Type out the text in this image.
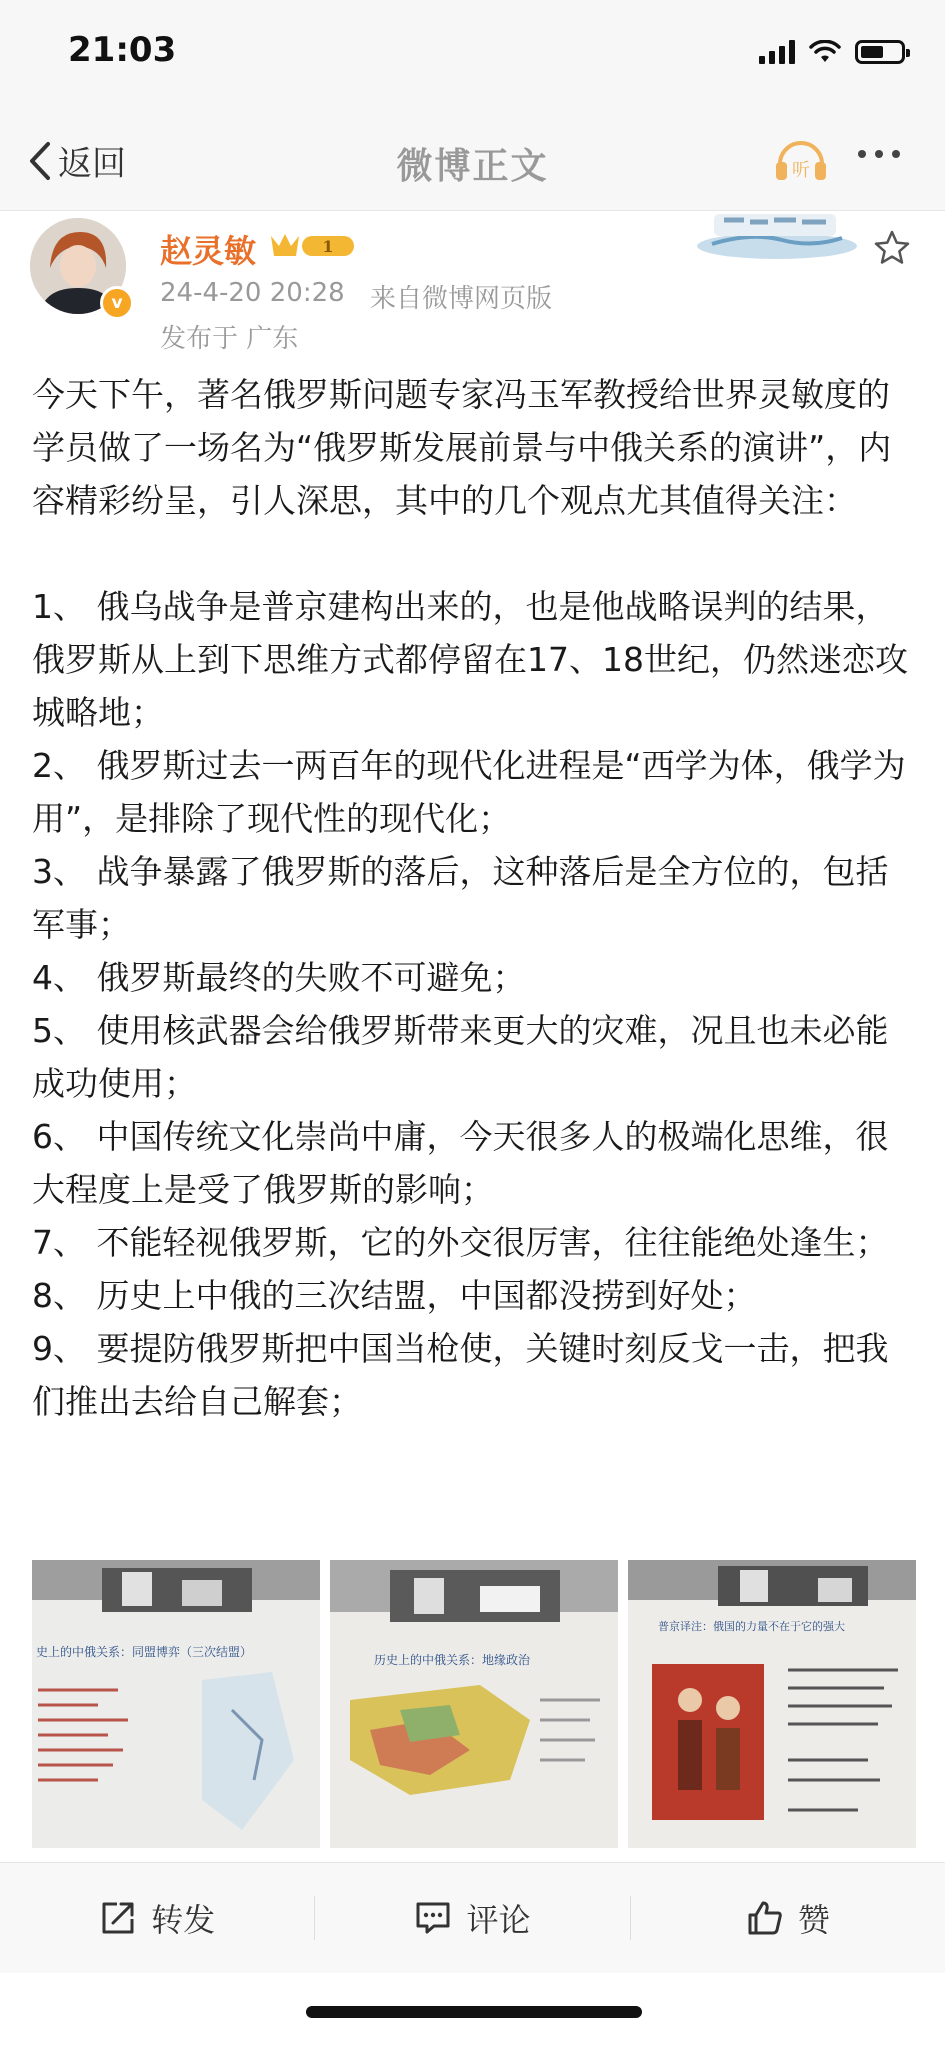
21:03
返回	微博正文	听
v
赵灵敏	1
24-4-20 20:28 来自微博网页版
发布于 广东

今天下午，著名俄罗斯问题专家冯玉军教授给世界灵敏度的学员做了一场名为“俄罗斯发展前景与中俄关系的演讲”，内容精彩纷呈，引人深思，其中的几个观点尤其值得关注：

1、 俄乌战争是普京建构出来的，也是他战略误判的结果，俄罗斯从上到下思维方式都停留在17、18世纪，仍然迷恋攻城略地；

2、 俄罗斯过去一两百年的现代化进程是“西学为体，俄学为用”，是排除了现代性的现代化；

3、 战争暴露了俄罗斯的落后，这种落后是全方位的，包括军事；

4、 俄罗斯最终的失败不可避免；

5、 使用核武器会给俄罗斯带来更大的灾难，况且也未必能成功使用；

6、 中国传统文化崇尚中庸，今天很多人的极端化思维，很大程度上是受了俄罗斯的影响；

7、 不能轻视俄罗斯，它的外交很厉害，往往能绝处逢生；

8、 历史上中俄的三次结盟，中国都没捞到好处；

9、 要提防俄罗斯把中国当枪使，关键时刻反戈一击，把我们推出去给自己解套；

史上的中俄关系：同盟博弈（三次结盟）
历史上的中俄关系：地缘政治
普京译注：俄国的力量不在于它的强大
转发	评论	赞
